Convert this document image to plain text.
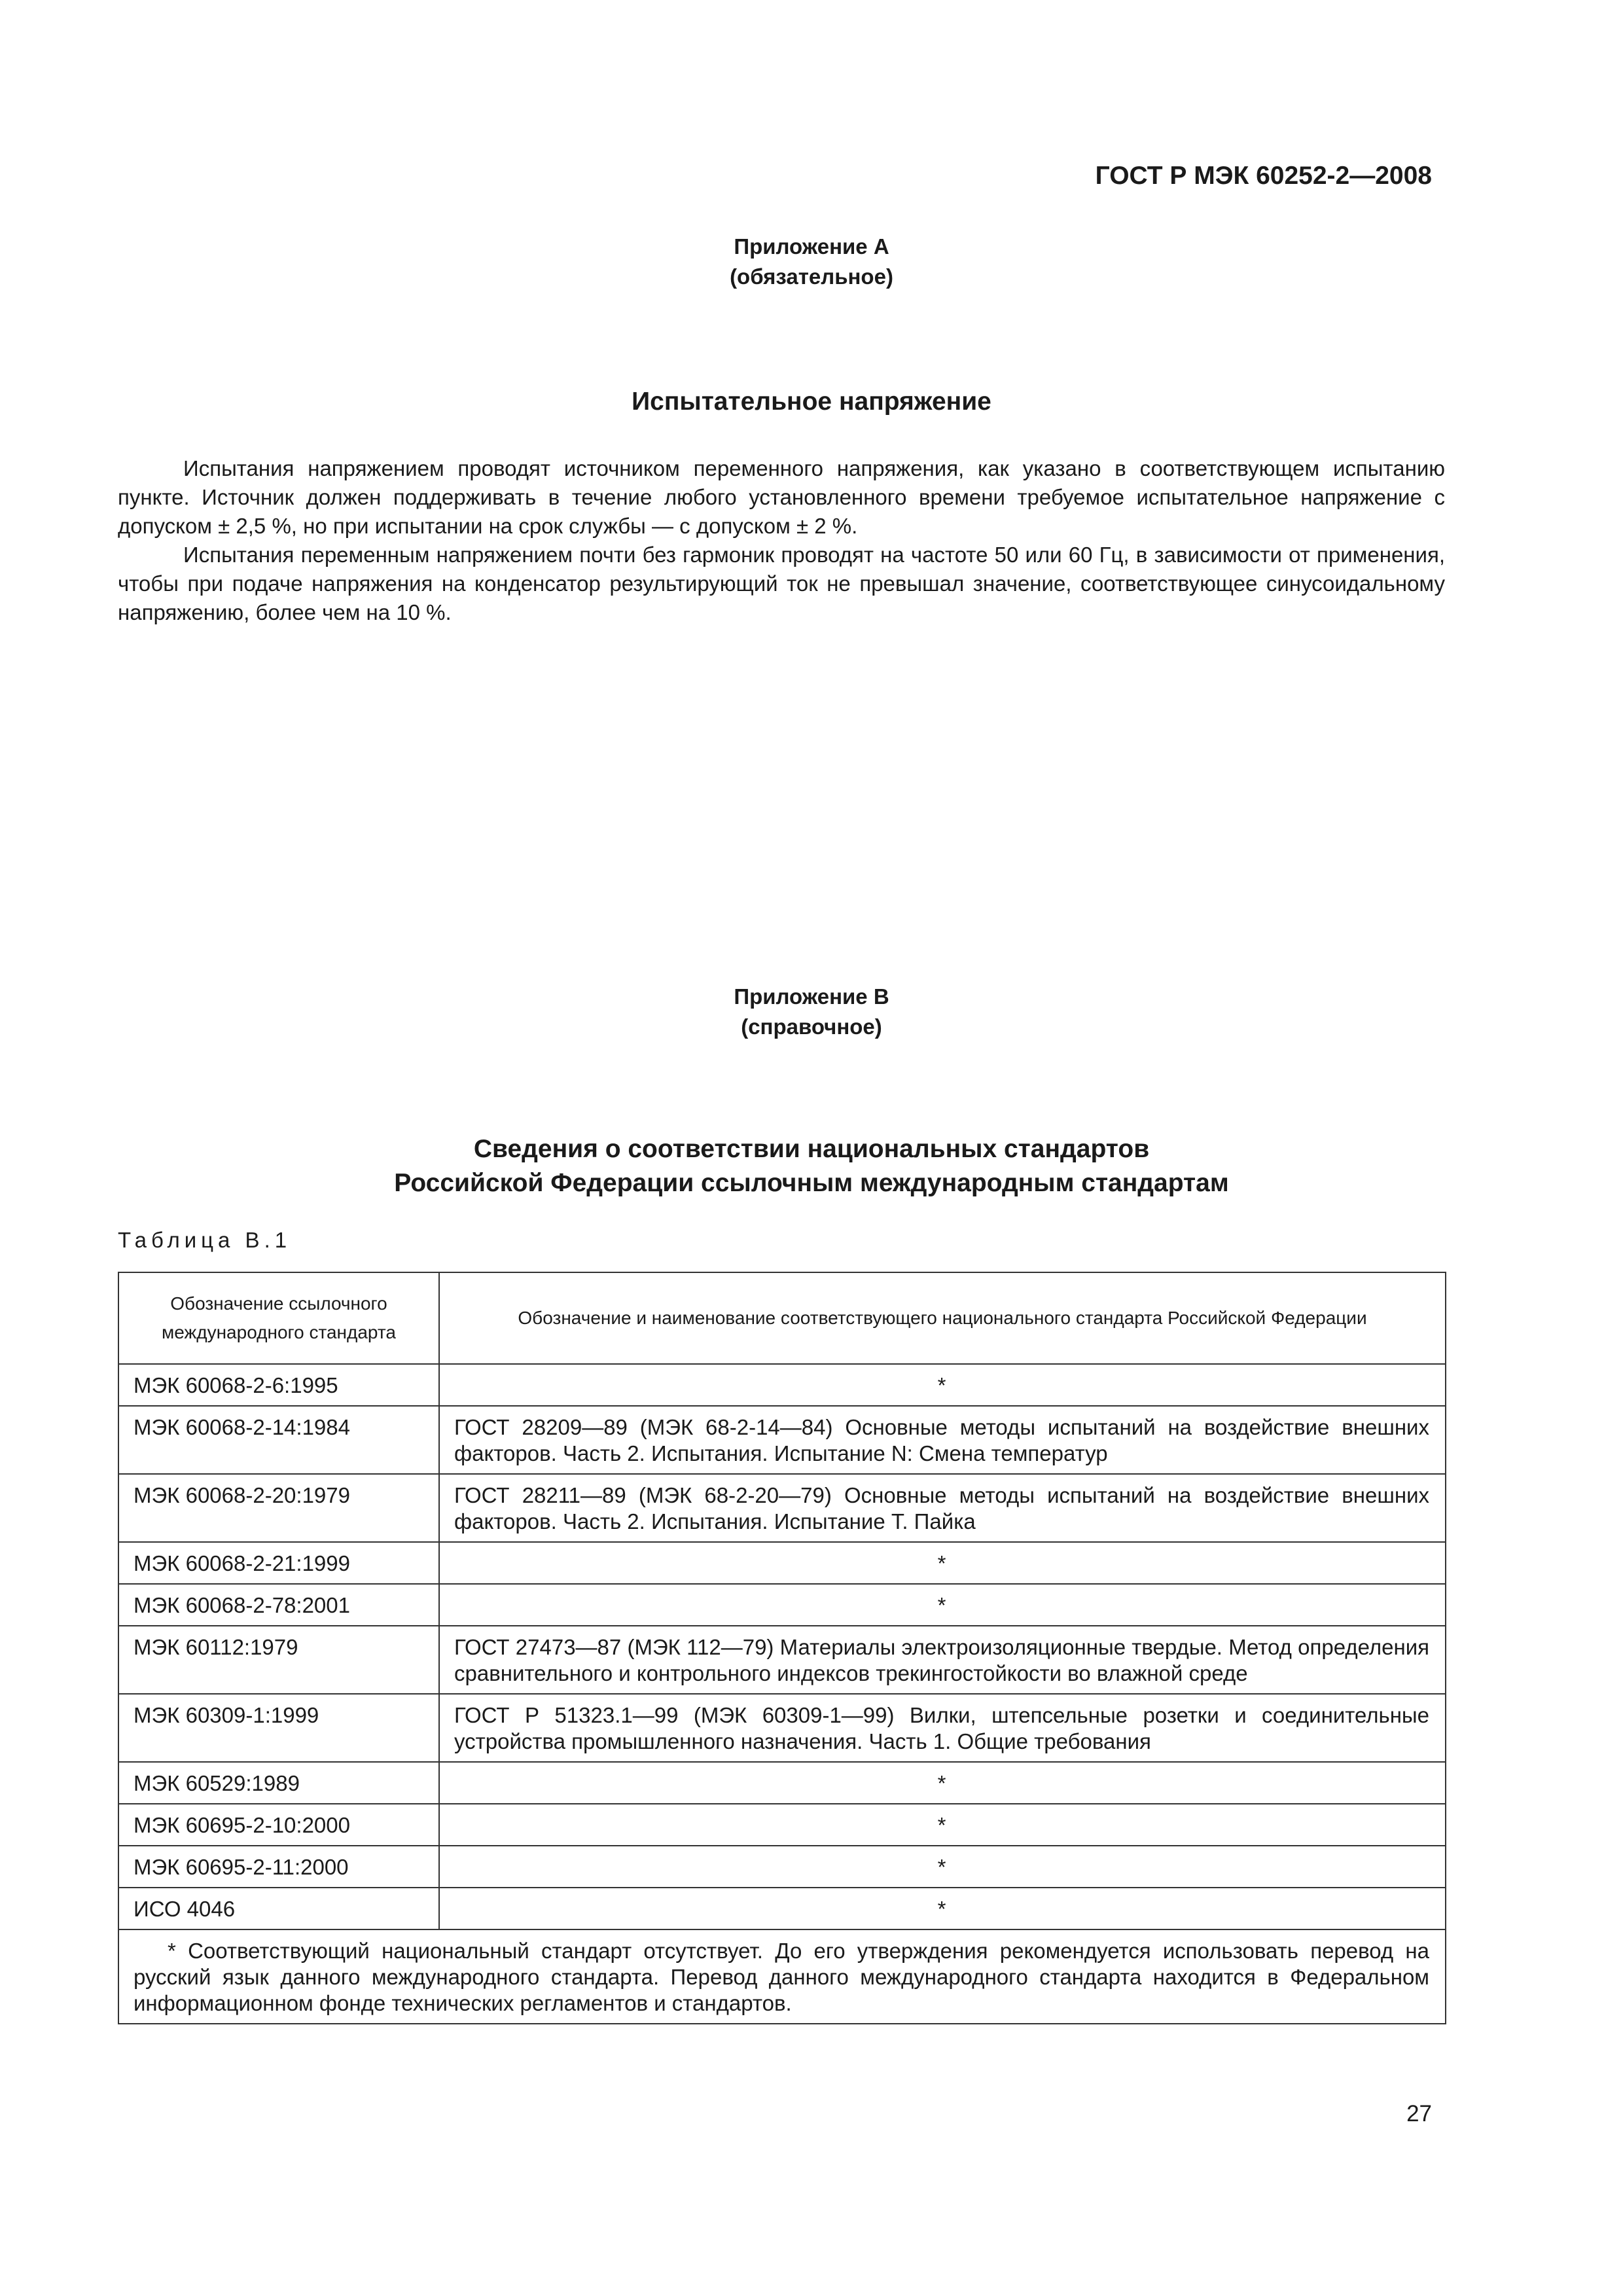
ГОСТ Р МЭК 60252-2—2008
Приложение А
(обязательное)
Испытательное напряжение

Испытания напряжением проводят источником переменного напряжения, как указано в соответствующем испытанию пункте. Источник должен поддерживать в течение любого установленного времени требуемое испытательное напряжение с допуском ± 2,5 %, но при испытании на срок службы — с допуском ± 2 %.

Испытания переменным напряжением почти без гармоник проводят на частоте 50 или 60 Гц, в зависимости от применения, чтобы при подаче напряжения на конденсатор результирующий ток не превышал значение, соответствующее синусоидальному напряжению, более чем на 10 %.

Приложение В
(справочное)
Сведения о соответствии национальных стандартов
Российской Федерации ссылочным международным стандартам
Таблица В.1
Обозначение ссылочного международного стандарта	Обозначение и наименование соответствующего национального стандарта Российской Федерации
МЭК 60068-2-6:1995	*
МЭК 60068-2-14:1984	ГОСТ 28209—89 (МЭК 68-2-14—84) Основные методы испытаний на воздействие внешних факторов. Часть 2. Испытания. Испытание N: Смена температур
МЭК 60068-2-20:1979	ГОСТ 28211—89 (МЭК 68-2-20—79) Основные методы испытаний на воздействие внешних факторов. Часть 2. Испытания. Испытание Т. Пайка
МЭК 60068-2-21:1999	*
МЭК 60068-2-78:2001	*
МЭК 60112:1979	ГОСТ 27473—87 (МЭК 112—79) Материалы электроизоляционные твердые. Метод определения сравнительного и контрольного индексов трекингостойкости во влажной среде
МЭК 60309-1:1999	ГОСТ Р 51323.1—99 (МЭК 60309-1—99) Вилки, штепсельные розетки и соединительные устройства промышленного назначения. Часть 1. Общие требования
МЭК 60529:1989	*
МЭК 60695-2-10:2000	*
МЭК 60695-2-11:2000	*
ИСО 4046	*
* Соответствующий национальный стандарт отсутствует. До его утверждения рекомендуется использовать перевод на русский язык данного международного стандарта. Перевод данного международного стандарта находится в Федеральном информационном фонде технических регламентов и стандартов.	
27
